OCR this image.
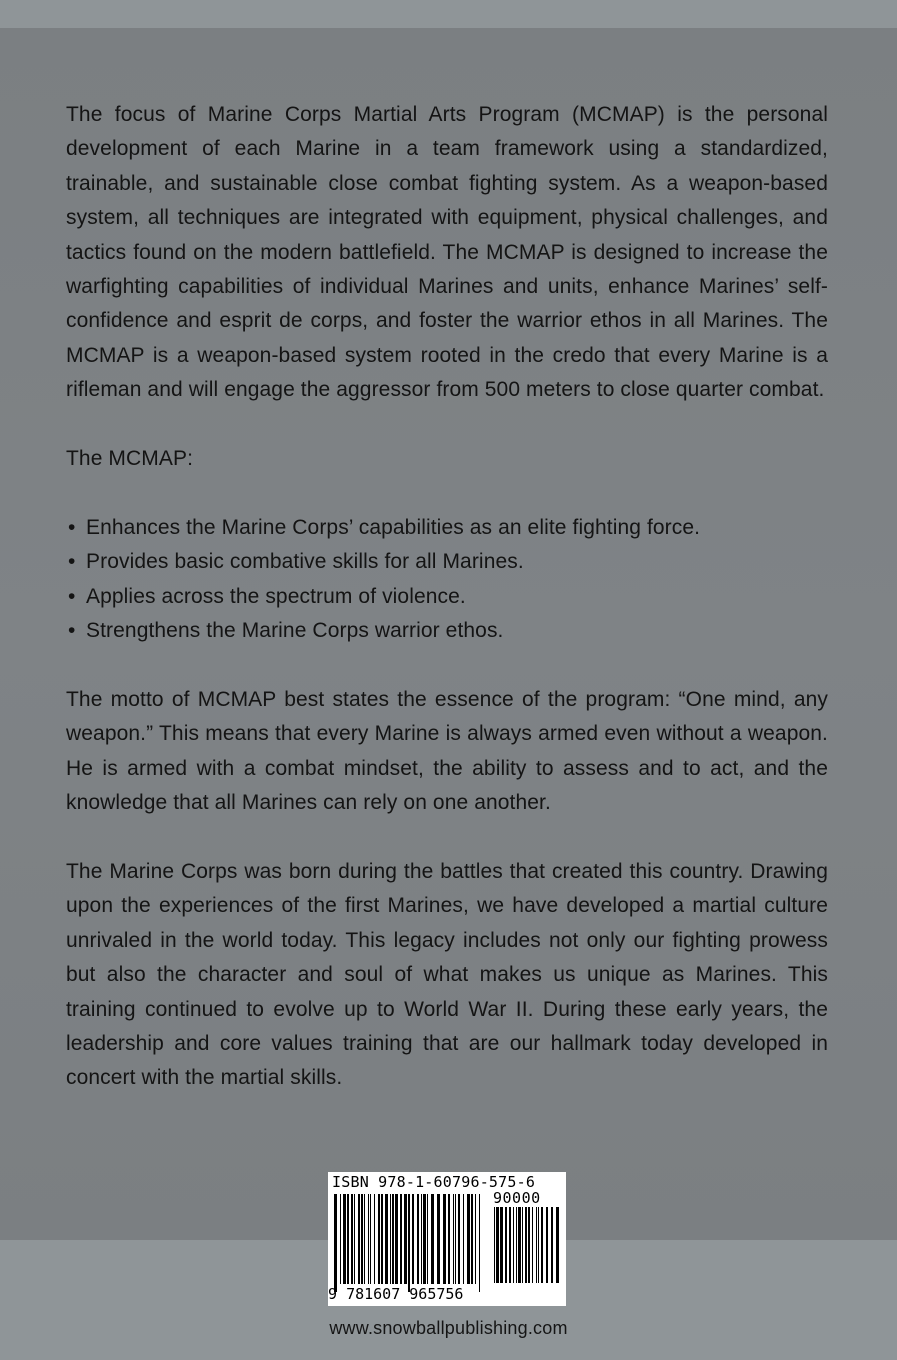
The focus of Marine Corps Martial Arts Program (MCMAP) is the personal development of each Marine in a team framework using a standardized, trainable, and sustainable close combat fighting system. As a weapon-based system, all techniques are integrated with equipment, physical challenges, and tactics found on the modern battlefield. The MCMAP is designed to increase the warfighting capabilities of individual Marines and units, enhance Marines’ self-confidence and esprit de corps, and foster the warrior ethos in all Marines. The MCMAP is a weapon-based system rooted in the credo that every Marine is a rifleman and will engage the aggressor from 500 meters to close quarter combat.

The MCMAP:

• Enhances the Marine Corps’ capabilities as an elite fighting force.
• Provides basic combative skills for all Marines.
• Applies across the spectrum of violence.
• Strengthens the Marine Corps warrior ethos.

The motto of MCMAP best states the essence of the program: “One mind, any weapon.” This means that every Marine is always armed even without a weapon. He is armed with a combat mindset, the ability to assess and to act, and the knowledge that all Marines can rely on one another.

The Marine Corps was born during the battles that created this country. Drawing upon the experiences of the first Marines, we have developed a martial culture unrivaled in the world today. This legacy includes not only our fighting prowess but also the character and soul of what makes us unique as Marines. This training continued to evolve up to World War II. During these early years, the leadership and core values training that are our hallmark today developed in concert with the martial skills.

ISBN 978-1-60796-575-6
90000
9 781607 965756
www.snowballpublishing.com
